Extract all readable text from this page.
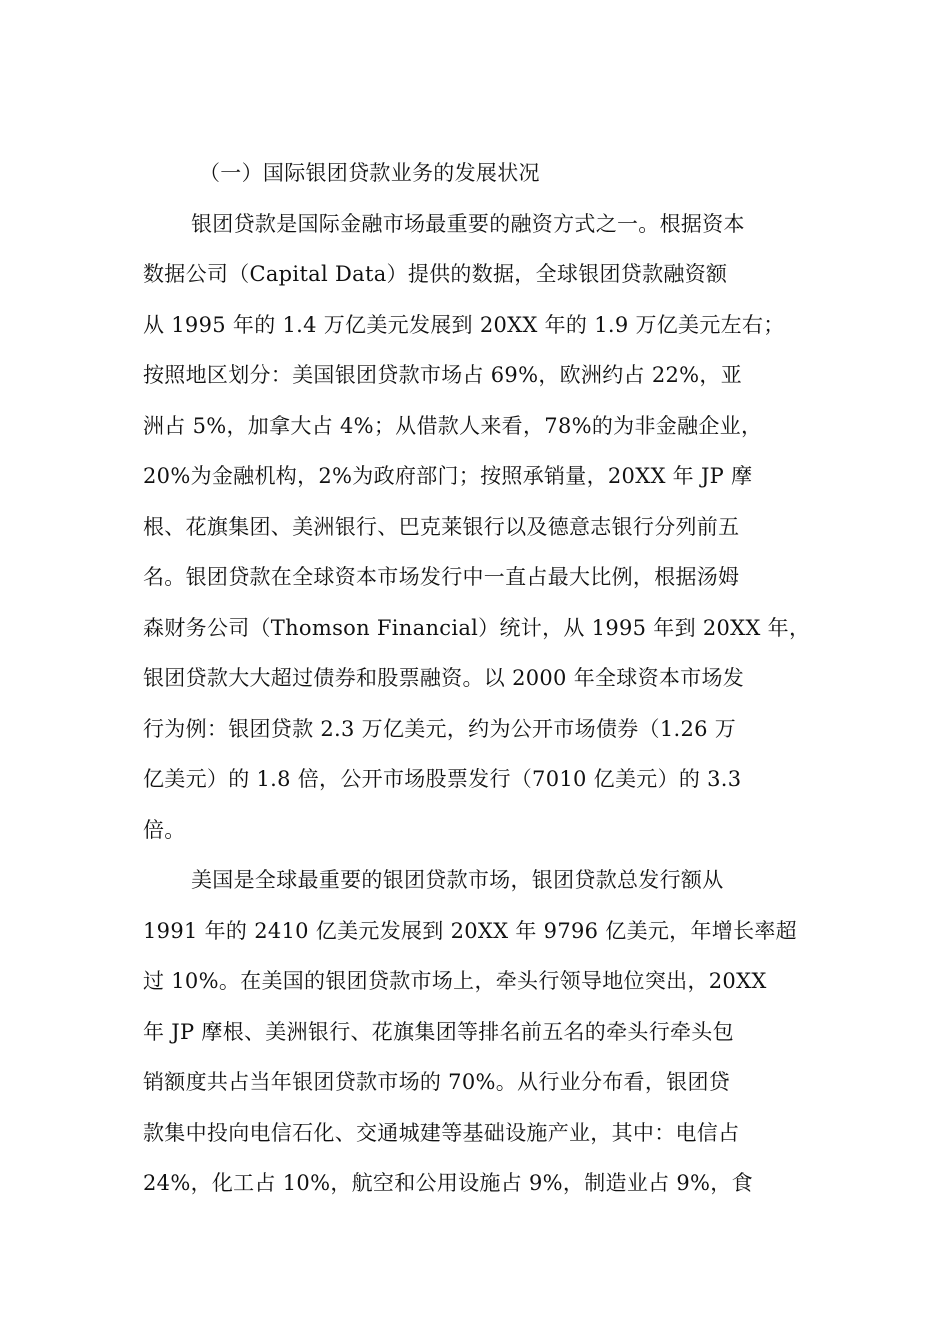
（一）国际银团贷款业务的发展状况
银团贷款是国际金融市场最重要的融资方式之一。根据资本
数据公司（Capital Data）提供的数据，全球银团贷款融资额
从 1995 年的 1.4 万亿美元发展到 20XX 年的 1.9 万亿美元左右；
按照地区划分：美国银团贷款市场占 69%，欧洲约占 22%，亚
洲占 5%，加拿大占 4%；从借款人来看，78%的为非金融企业，
20%为金融机构，2%为政府部门；按照承销量，20XX 年 JP 摩
根、花旗集团、美洲银行、巴克莱银行以及德意志银行分列前五
名。银团贷款在全球资本市场发行中一直占最大比例，根据汤姆
森财务公司（Thomson Financial）统计，从 1995 年到 20XX 年，
银团贷款大大超过债券和股票融资。以 2000 年全球资本市场发
行为例：银团贷款 2.3 万亿美元，约为公开市场债券（1.26 万
亿美元）的 1.8 倍，公开市场股票发行（7010 亿美元）的 3.3
倍。
美国是全球最重要的银团贷款市场，银团贷款总发行额从
1991 年的 2410 亿美元发展到 20XX 年 9796 亿美元，年增长率超
过 10%。在美国的银团贷款市场上，牵头行领导地位突出，20XX
年 JP 摩根、美洲银行、花旗集团等排名前五名的牵头行牵头包
销额度共占当年银团贷款市场的 70%。从行业分布看，银团贷
款集中投向电信石化、交通城建等基础设施产业，其中：电信占
24%，化工占 10%，航空和公用设施占 9%，制造业占 9%，食
